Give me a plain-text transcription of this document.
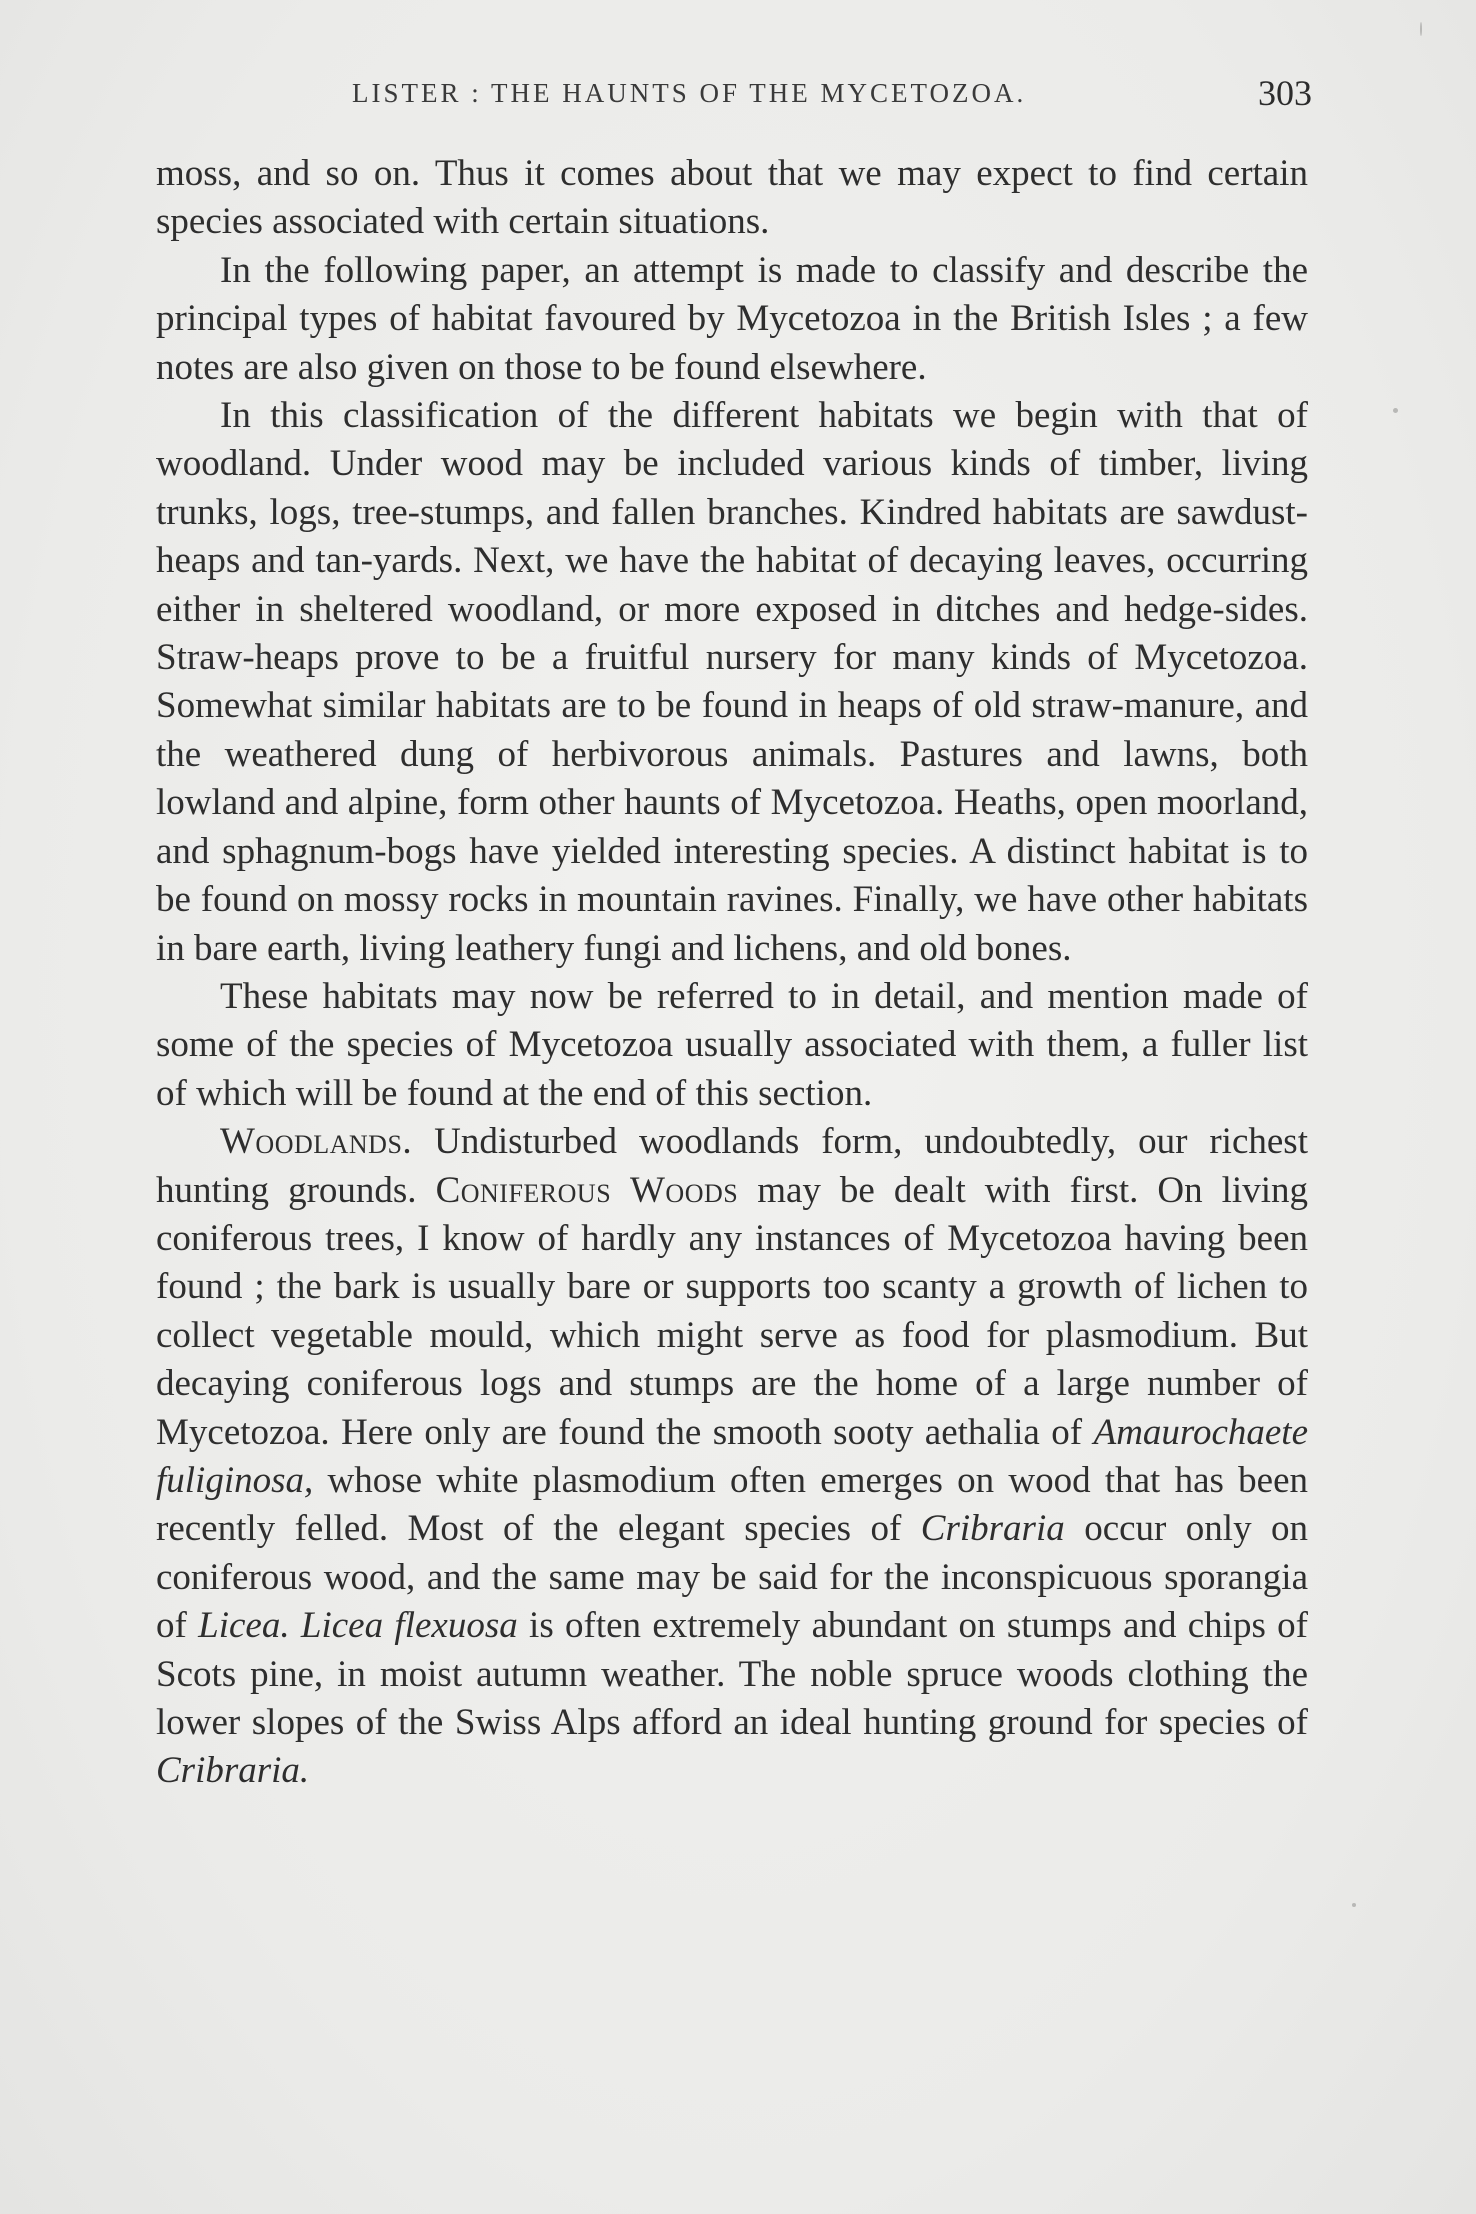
LISTER : THE HAUNTS OF THE MYCETOZOA.	303

moss, and so on. Thus it comes about that we may expect to find certain species associated with certain situations.

In the following paper, an attempt is made to classify and describe the principal types of habitat favoured by Mycetozoa in the British Isles ; a few notes are also given on those to be found elsewhere.

In this classification of the different habitats we begin with that of woodland. Under wood may be included various kinds of timber, living trunks, logs, tree-stumps, and fallen branches. Kindred habitats are sawdust-heaps and tan-yards. Next, we have the habitat of decaying leaves, occurring either in sheltered woodland, or more exposed in ditches and hedge-sides. Straw-heaps prove to be a fruitful nursery for many kinds of Mycetozoa. Somewhat similar habitats are to be found in heaps of old straw-manure, and the weathered dung of herbivorous animals. Pastures and lawns, both lowland and alpine, form other haunts of Mycetozoa. Heaths, open moorland, and sphagnum-bogs have yielded interesting species. A distinct habitat is to be found on mossy rocks in mountain ravines. Finally, we have other habitats in bare earth, living leathery fungi and lichens, and old bones.

These habitats may now be referred to in detail, and mention made of some of the species of Mycetozoa usually associated with them, a fuller list of which will be found at the end of this section.

Woodlands. Undisturbed woodlands form, undoubtedly, our richest hunting grounds. Coniferous Woods may be dealt with first. On living coniferous trees, I know of hardly any instances of Mycetozoa having been found ; the bark is usually bare or supports too scanty a growth of lichen to collect vegetable mould, which might serve as food for plasmodium. But decaying coniferous logs and stumps are the home of a large number of Mycetozoa. Here only are found the smooth sooty aethalia of Amaurochaete fuliginosa, whose white plasmodium often emerges on wood that has been recently felled. Most of the elegant species of Cribraria occur only on coniferous wood, and the same may be said for the inconspicuous sporangia of Licea. Licea flexuosa is often extremely abundant on stumps and chips of Scots pine, in moist autumn weather. The noble spruce woods clothing the lower slopes of the Swiss Alps afford an ideal hunting ground for species of Cribraria.
